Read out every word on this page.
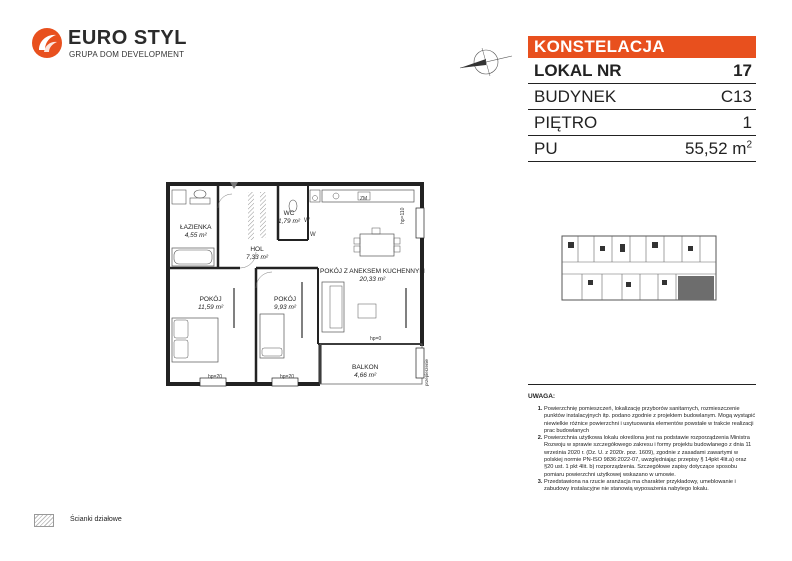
EURO STYL
GRUPA DOM DEVELOPMENT	KONSTELACJA
LOKAL NR	17
BUDYNEK	C13
PIĘTRO	1
PU	55,52 $m^2$
ŁAZIENKA
4,55 m²
WC
1,79 m²
HOL
7,33 m²
POKÓJ Z ANEKSEM KUCHENNYM
20,33 m²
POKÓJ
11,59 m²
POKÓJ
9,93 m²
BALKON
4,66 m²
ZM
W
W
hp=110
hp=0
hp=20	hp=20	przepierzenie
UWAGA:
1. Powierzchnię pomieszczeń, lokalizację przyborów sanitarnych, rozmieszczenie punktów instalacyjnych itp. podano zgodnie z projektem budowlanym. Mogą wystąpić niewielkie różnice powierzchni i usytuowania elementów powstałe w trakcie realizacji prac budowlanych
2. Powierzchnia użytkowa lokalu określona jest na podstawie rozporządzenia Ministra Rozwoju w sprawie szczegółowego zakresu i formy projektu budowlanego z dnia 11 września 2020 r. (Dz. U. z 2020r. poz. 1609), zgodnie z zasadami zawartymi w polskiej normie PN-ISO 9836:2022-07, uwzględniając przepisy § 14pkt 4lit.a) oraz §20 ust. 1 pkt 4lit. b) rozporządzenia. Szczegółowe zapisy dotyczące sposobu pomiaru powierzchni użytkowej wskazano w umowie.
3. Przedstawiona na rzucie aranżacja ma charakter przykładowy, umeblowanie i zabudowy instalacyjne nie stanowią wyposażenia nabytego lokalu.
Ścianki działowe
